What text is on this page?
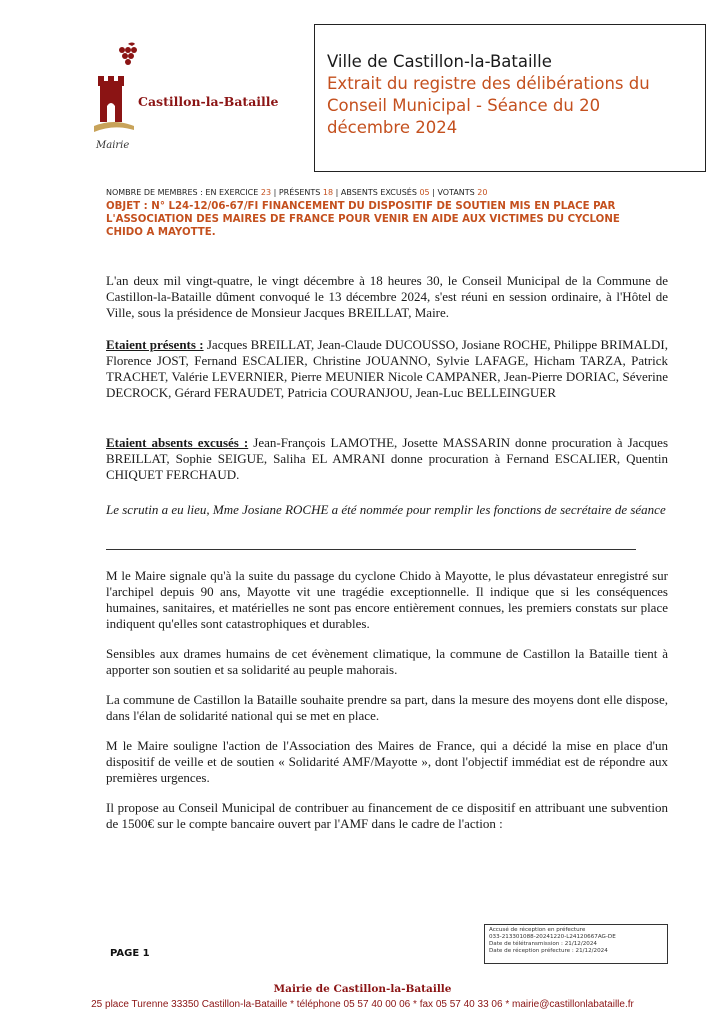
Castillon-la-Bataille
Mairie
Ville de Castillon-la-Bataille
Extrait du registre des délibérations du
Conseil Municipal - Séance du 20
décembre 2024
NOMBRE DE MEMBRES : EN EXERCICE 23 | PRÉSENTS 18 | ABSENTS EXCUSÉS 05 | VOTANTS 20
OBJET : N° L24-12/06-67/FI FINANCEMENT DU DISPOSITIF DE SOUTIEN MIS EN PLACE PAR L'ASSOCIATION DES MAIRES DE FRANCE POUR VENIR EN AIDE AUX VICTIMES DU CYCLONE CHIDO A MAYOTTE.
L'an deux mil vingt-quatre, le vingt décembre à 18 heures 30, le Conseil Municipal de la Commune de Castillon-la-Bataille dûment convoqué le 13 décembre 2024, s'est réuni en session ordinaire, à l'Hôtel de Ville, sous la présidence de Monsieur Jacques BREILLAT, Maire.
Etaient présents : Jacques BREILLAT, Jean-Claude DUCOUSSO, Josiane ROCHE, Philippe BRIMALDI, Florence JOST, Fernand ESCALIER, Christine JOUANNO, Sylvie LAFAGE, Hicham TARZA, Patrick TRACHET, Valérie LEVERNIER, Pierre MEUNIER Nicole CAMPANER, Jean-Pierre DORIAC, Séverine DECROCK, Gérard FERAUDET, Patricia COURANJOU, Jean-Luc BELLEINGUER
Etaient absents excusés : Jean-François LAMOTHE, Josette MASSARIN donne procuration à Jacques BREILLAT, Sophie SEIGUE, Saliha EL AMRANI donne procuration à Fernand ESCALIER, Quentin CHIQUET FERCHAUD.
Le scrutin a eu lieu, Mme Josiane ROCHE a été nommée pour remplir les fonctions de secrétaire de séance
M le Maire signale qu'à la suite du passage du cyclone Chido à Mayotte, le plus dévastateur enregistré sur l'archipel depuis 90 ans, Mayotte vit une tragédie exceptionnelle. Il indique que si les conséquences humaines, sanitaires, et matérielles ne sont pas encore entièrement connues, les premiers constats sur place indiquent qu'elles sont catastrophiques et durables.
Sensibles aux drames humains de cet évènement climatique, la commune de Castillon la Bataille tient à apporter son soutien et sa solidarité au peuple mahorais.
La commune de Castillon la Bataille souhaite prendre sa part, dans la mesure des moyens dont elle dispose, dans l'élan de solidarité national qui se met en place.
M le Maire souligne l'action de l'Association des Maires de France, qui a décidé la mise en place d'un dispositif de veille et de soutien « Solidarité AMF/Mayotte », dont l'objectif immédiat est de répondre aux premières urgences.
Il propose au Conseil Municipal de contribuer au financement de ce dispositif en attribuant une subvention de 1500€ sur le compte bancaire ouvert par l'AMF dans le cadre de l'action :
Accusé de réception en préfecture
033-213301088-20241220-L24120667AG-DE
Date de télétransmission : 21/12/2024
Date de réception préfecture : 21/12/2024
PAGE 1
Mairie de Castillon-la-Bataille
25 place Turenne 33350 Castillon-la-Bataille * téléphone 05 57 40 00 06 * fax 05 57 40 33 06 * mairie@castillonlabataille.fr
